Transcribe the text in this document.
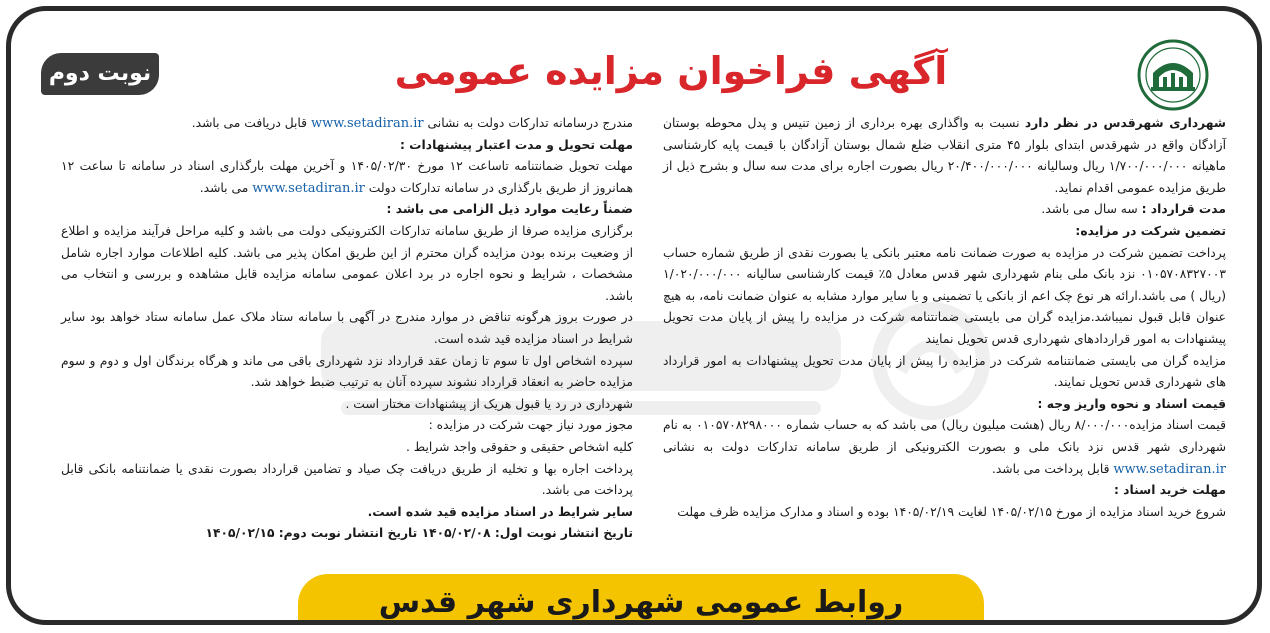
نوبت دوم	آگهی فراخوان مزایده عمومی

شهرداری شهرقدس در نظر دارد نسبت به واگذاری بهره برداری از زمین تنیس و پدل محوطه بوستان آزادگان واقع در شهرقدس ابتدای بلوار ۴۵ متری انقلاب ضلع شمال بوستان آزادگان با قیمت پایه کارشناسی ماهیانه ۱/۷۰۰/۰۰۰/۰۰۰ ریال وسالیانه ۲۰/۴۰۰/۰۰۰/۰۰۰ ریال بصورت اجاره برای مدت سه سال و بشرح ذیل از طریق مزایده عمومی اقدام نماید.

مدت قرارداد : سه سال می باشد.

تضمین شرکت در مزایده:

پرداخت تضمین شرکت در مزایده به صورت ضمانت نامه معتبر بانکی یا بصورت نقدی از طریق شماره حساب ۰۱۰۵۷۰۸۳۲۷۰۰۳ نزد بانک ملی بنام شهرداری شهر قدس معادل ۵٪ قیمت کارشناسی سالیانه ۱/۰۲۰/۰۰۰/۰۰۰ (ریال ) می باشد.ارائه هر نوع چک اعم از بانکی یا تضمینی و یا سایر موارد مشابه به عنوان ضمانت نامه، به هیچ عنوان قابل قبول نمیباشد.مزایده گران می بایستی ضمانتنامه شرکت در مزایده را پیش از پایان مدت تحویل پیشنهادات به امور قراردادهای شهرداری قدس تحویل نمایند

مزایده گران می بایستی ضمانتنامه شرکت در مزایده را پیش از پایان مدت تحویل پیشنهادات به امور قرارداد های شهرداری قدس تحویل نمایند.

قیمت اسناد و نحوه واریز وجه :

قیمت اسناد مزایده۸/۰۰۰/۰۰۰ ریال (هشت میلیون ریال) می باشد که به حساب شماره ۰۱۰۵۷۰۸۲۹۸۰۰۰ به نام شهرداری شهر قدس نزد بانک ملی و بصورت الکترونیکی از طریق سامانه تدارکات دولت به نشانی www.setadiran.ir قابل پرداخت می باشد.

مهلت خرید اسناد :

شروع خرید اسناد مزایده از مورخ ۱۴۰۵/۰۲/۱۵ لغایت ۱۴۰۵/۰۲/۱۹ بوده و اسناد و مدارک مزایده ظرف مهلت

مندرج درسامانه تدارکات دولت به نشانی www.setadiran.ir قابل دریافت می باشد.

مهلت تحویل و مدت اعتبار پیشنهادات :

مهلت تحویل ضمانتنامه تاساعت ۱۲ مورخ ۱۴۰۵/۰۲/۳۰ و آخرین مهلت بارگذاری اسناد در سامانه تا ساعت ۱۲ همانروز از طریق بارگذاری در سامانه تدارکات دولت www.setadiran.ir می باشد.

ضمناً رعایت موارد ذیل الزامی می باشد :

برگزاری مزایده صرفا از طریق سامانه تدارکات الکترونیکی دولت می باشد و کلیه مراحل فرآیند مزایده و اطلاع از وضعیت برنده بودن مزایده گران محترم از این طریق امکان پذیر می باشد. کلیه اطلاعات موارد اجاره شامل مشخصات ، شرایط و نحوه اجاره در برد اعلان عمومی سامانه مزایده قابل مشاهده و بررسی و انتخاب می باشد.

در صورت بروز هرگونه تناقض در موارد مندرج در آگهی با سامانه ستاد ملاک عمل سامانه ستاد خواهد بود سایر شرایط در اسناد مزایده قید شده است.

سپرده اشخاص اول تا سوم تا زمان عقد قرارداد نزد شهرداری باقی می ماند و هرگاه برندگان اول و دوم و سوم مزایده حاضر به انعقاد قرارداد نشوند سپرده آنان به ترتیب ضبط خواهد شد.

شهرداری در رد یا قبول هریک از پیشنهادات مختار است .

مجوز مورد نیاز جهت شرکت در مزایده :

کلیه اشخاص حقیقی و حقوقی واجد شرایط .

پرداخت اجاره بها و تخلیه از طریق دریافت چک صیاد و تضامین قرارداد بصورت نقدی یا ضمانتنامه بانکی قابل پرداخت می باشد.

سایر شرایط در اسناد مزایده قید شده است.

تاریخ انتشار نوبت اول: ۱۴۰۵/۰۲/۰۸ تاریخ انتشار نوبت دوم: ۱۴۰۵/۰۲/۱۵

روابط عمومی شهرداری شهر قدس
